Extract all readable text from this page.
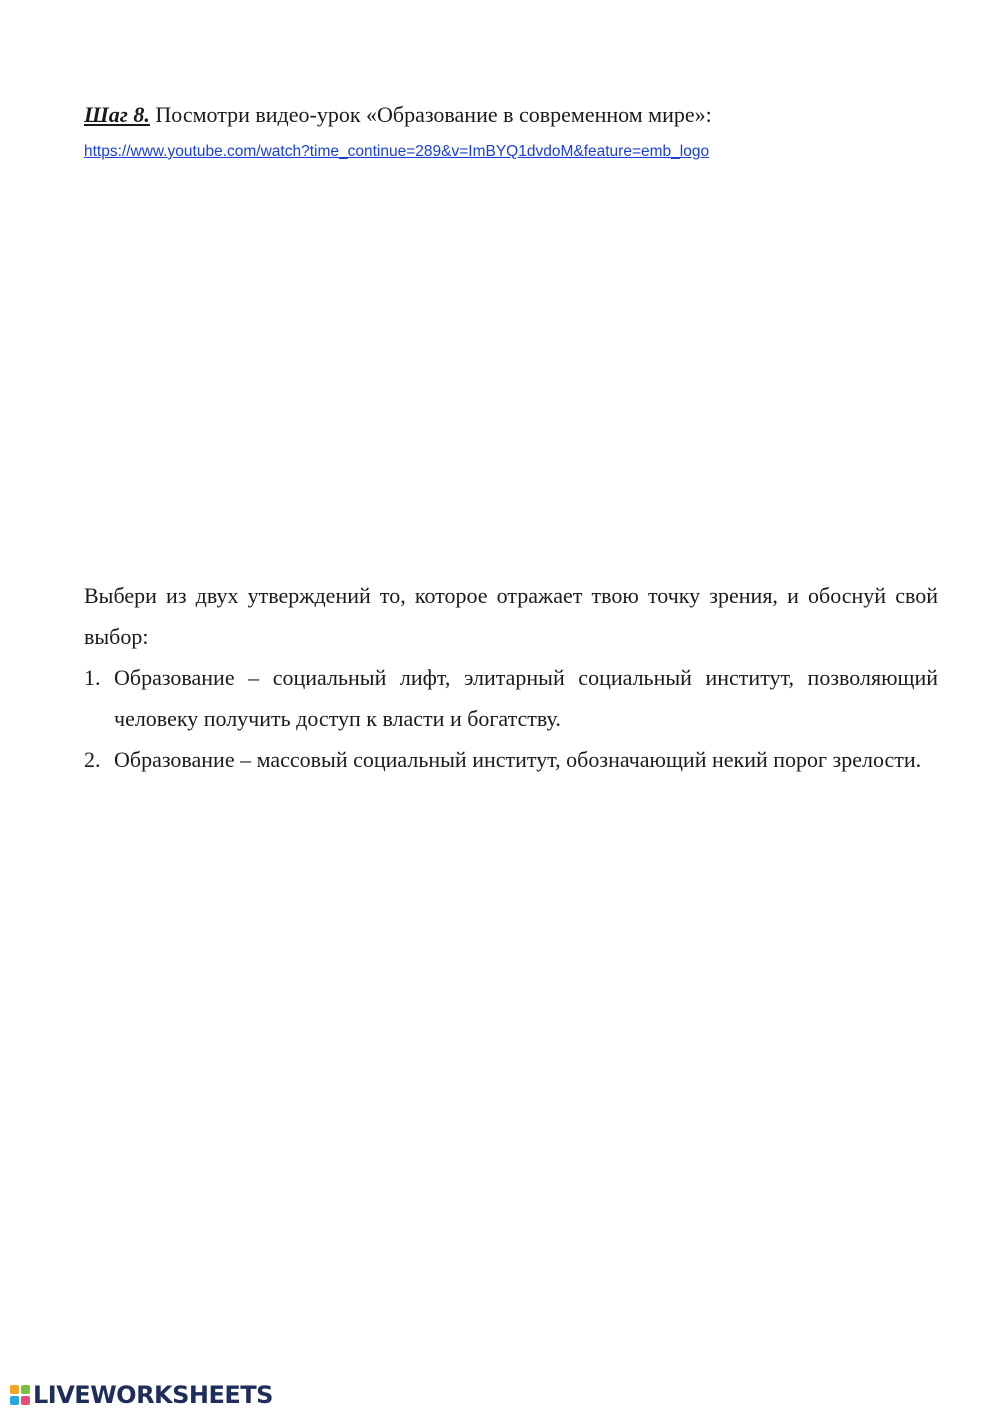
Шаг 8. Посмотри видео-урок «Образование в современном мире»:
https://www.youtube.com/watch?time_continue=289&v=ImBYQ1dvdoM&feature=emb_logo

Выбери из двух утверждений то, которое отражает твою точку зрения, и обоснуй свой выбор:

1. Образование – социальный лифт, элитарный социальный институт, позволяющий человеку получить доступ к власти и богатству.
2. Образование – массовый социальный институт, обозначающий некий порог зрелости.
LIVEWORKSHEETS
